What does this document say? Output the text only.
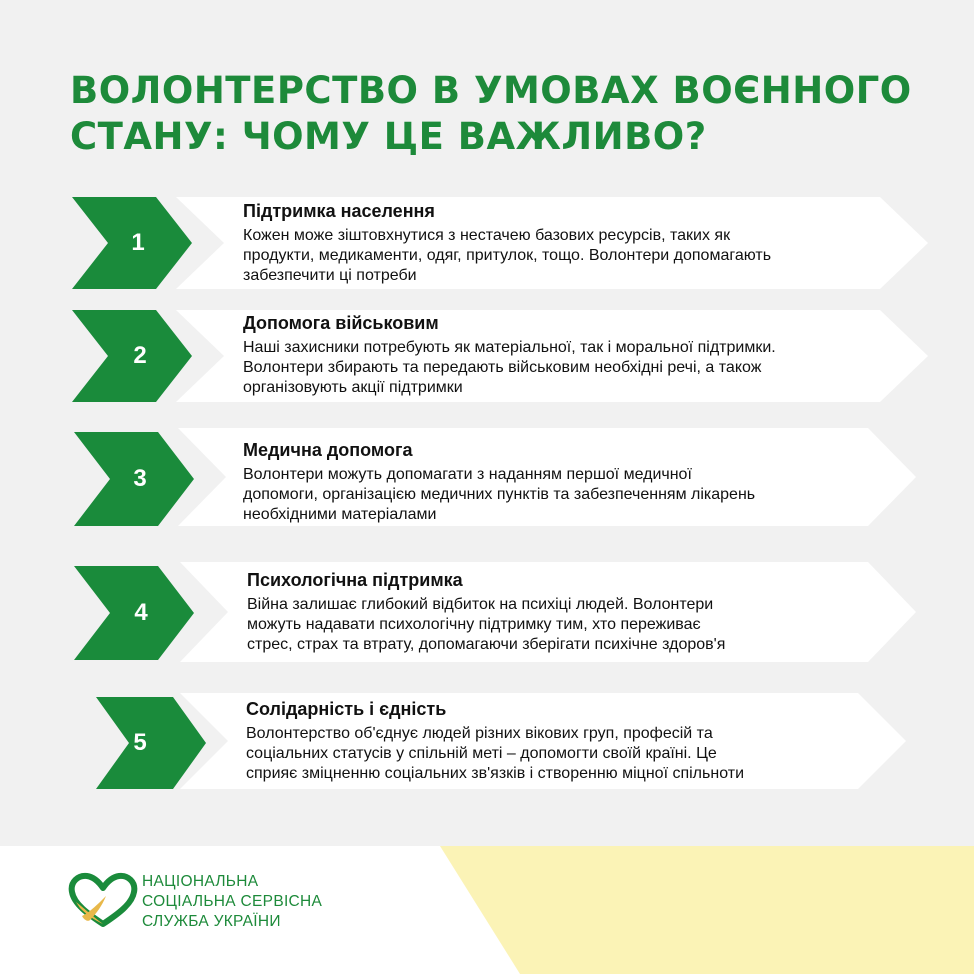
ВОЛОНТЕРСТВО В УМОВАХ ВОЄННОГО
СТАНУ: ЧОМУ ЦЕ ВАЖЛИВО?
1
Підтримка населення
Кожен може зіштовхнутися з нестачею базових ресурсів, таких як
продукти, медикаменти, одяг, притулок, тощо. Волонтери допомагають
забезпечити ці потреби
2
Допомога військовим
Наші захисники потребують як матеріальної, так і моральної підтримки.
Волонтери збирають та передають військовим необхідні речі, а також
організовують акції підтримки
3
Медична допомога
Волонтери можуть допомагати з наданням першої медичної
допомоги, організацією медичних пунктів та забезпеченням лікарень
необхідними матеріалами
4
Психологічна підтримка
Війна залишає глибокий відбиток на психіці людей. Волонтери
можуть надавати психологічну підтримку тим, хто переживає
стрес, страх та втрату, допомагаючи зберігати психічне здоров'я
5
Солідарність і єдність
Волонтерство об'єднує людей різних вікових груп, професій та
соціальних статусів у спільній меті – допомогти своїй країні. Це
сприяє зміцненню соціальних зв'язків і створенню міцної спільноти
НАЦІОНАЛЬНА
СОЦІАЛЬНА СЕРВІСНА
СЛУЖБА УКРАЇНИ
